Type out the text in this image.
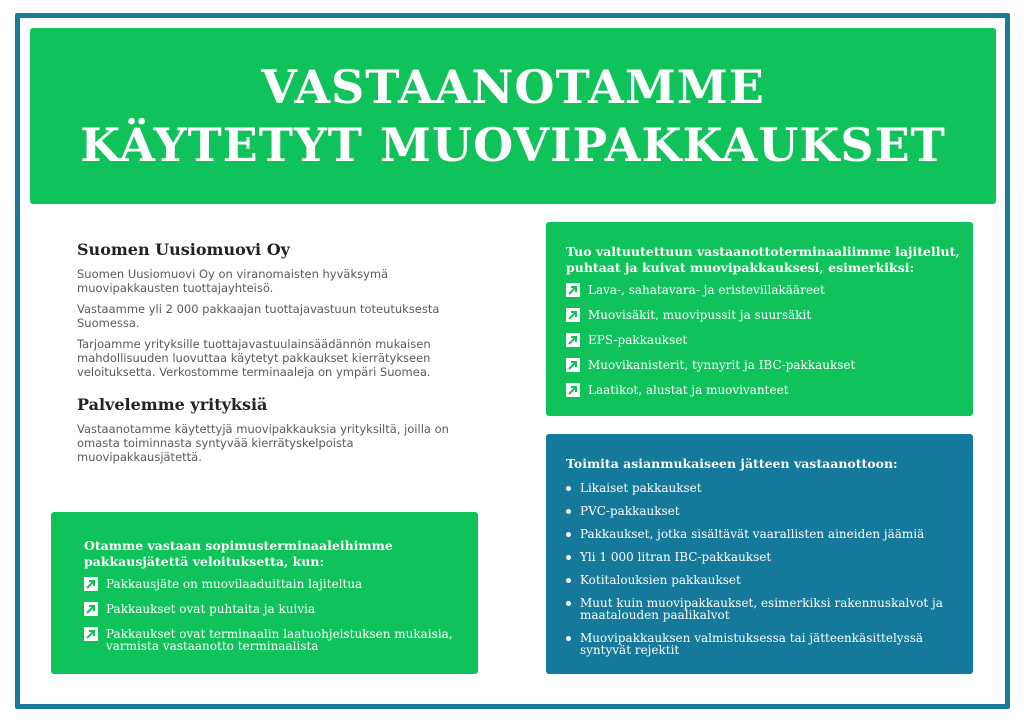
VASTAANOTAMME
KÄYTETYT MUOVIPAKKAUKSET
Suomen Uusiomuovi Oy

Suomen Uusiomuovi Oy on viranomaisten hyväksymä muovipakkausten tuottajayhteisö.

Vastaamme yli 2 000 pakkaajan tuottajavastuun toteutuksesta Suomessa.

Tarjoamme yrityksille tuottajavastuulainsäädännön mukaisen mahdollisuuden luovuttaa käytetyt pakkaukset kierrätykseen veloituksetta. Verkostomme terminaaleja on ympäri Suomea.

Palvelemme yrityksiä

Vastaanotamme käytettyjä muovipakkauksia yrityksiltä, joilla on omasta toiminnasta syntyvää kierrätyskelpoista muovipakkausjätettä.

Otamme vastaan sopimusterminaaleihimme pakkausjätettä veloituksetta, kun:
Pakkausjäte on muovilaaduittain lajiteltua
Pakkaukset ovat puhtaita ja kuivia
Pakkaukset ovat terminaalin laatuohjeistuksen mukaisia, varmista vastaanotto terminaalista
Tuo valtuutettuun vastaanottoterminaaliimme lajitellut, puhtaat ja kuivat muovipakkauksesi, esimerkiksi:
Lava-, sahatavara- ja eristevillakääreet
Muovisäkit, muovipussit ja suursäkit
EPS-pakkaukset
Muovikanisterit, tynnyrit ja IBC-pakkaukset
Laatikot, alustat ja muovivanteet
Toimita asianmukaiseen jätteen vastaanottoon:
Likaiset pakkaukset
PVC-pakkaukset
Pakkaukset, jotka sisältävät vaarallisten aineiden jäämiä
Yli 1 000 litran IBC-pakkaukset
Kotitalouksien pakkaukset
Muut kuin muovipakkaukset, esimerkiksi rakennuskalvot ja maatalouden paalikalvot
Muovipakkauksen valmistuksessa tai jätteenkäsittelyssä syntyvät rejektit
